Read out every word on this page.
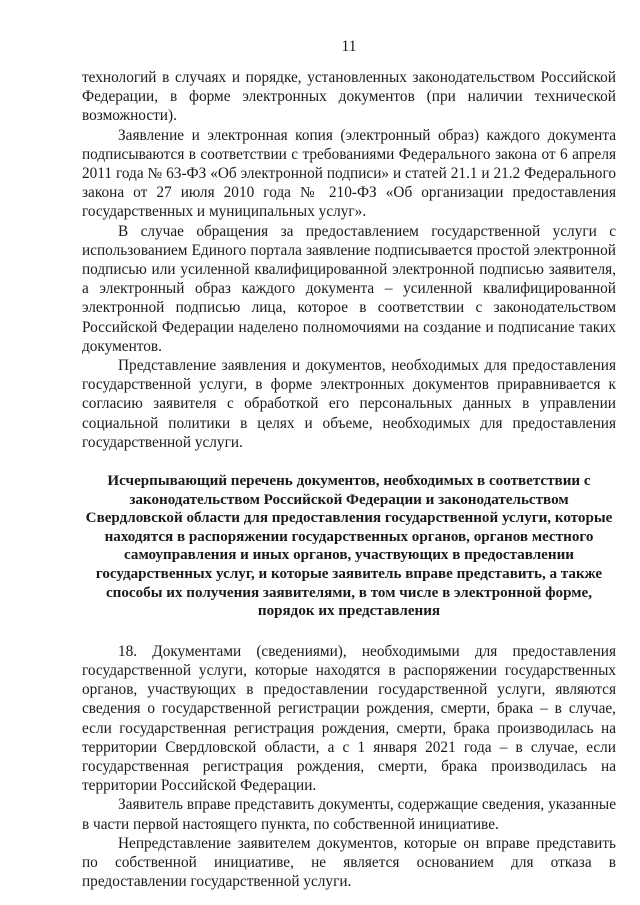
11

технологий в случаях и порядке, установленных законодательством Российской Федерации, в форме электронных документов (при наличии технической возможности).

Заявление и электронная копия (электронный образ) каждого документа подписываются в соответствии с требованиями Федерального закона от 6 апреля 2011 года № 63-ФЗ «Об электронной подписи» и статей 21.1 и 21.2 Федерального закона от 27 июля 2010 года № 210-ФЗ «Об организации предоставления государственных и муниципальных услуг».

В случае обращения за предоставлением государственной услуги с использованием Единого портала заявление подписывается простой электронной подписью или усиленной квалифицированной электронной подписью заявителя, а электронный образ каждого документа – усиленной квалифицированной электронной подписью лица, которое в соответствии с законодательством Российской Федерации наделено полномочиями на создание и подписание таких документов.

Представление заявления и документов, необходимых для предоставления государственной услуги, в форме электронных документов приравнивается к согласию заявителя с обработкой его персональных данных в управлении социальной политики в целях и объеме, необходимых для предоставления государственной услуги.

Исчерпывающий перечень документов, необходимых в соответствии с законодательством Российской Федерации и законодательством Свердловской области для предоставления государственной услуги, которые находятся в распоряжении государственных органов, органов местного самоуправления и иных органов, участвующих в предоставлении государственных услуг, и которые заявитель вправе представить, а также способы их получения заявителями, в том числе в электронной форме, порядок их представления

18. Документами (сведениями), необходимыми для предоставления государственной услуги, которые находятся в распоряжении государственных органов, участвующих в предоставлении государственной услуги, являются сведения о государственной регистрации рождения, смерти, брака – в случае, если государственная регистрация рождения, смерти, брака производилась на территории Свердловской области, а с 1 января 2021 года – в случае, если государственная регистрация рождения, смерти, брака производилась на территории Российской Федерации.

Заявитель вправе представить документы, содержащие сведения, указанные в части первой настоящего пункта, по собственной инициативе.

Непредставление заявителем документов, которые он вправе представить по собственной инициативе, не является основанием для отказа в предоставлении государственной услуги.
